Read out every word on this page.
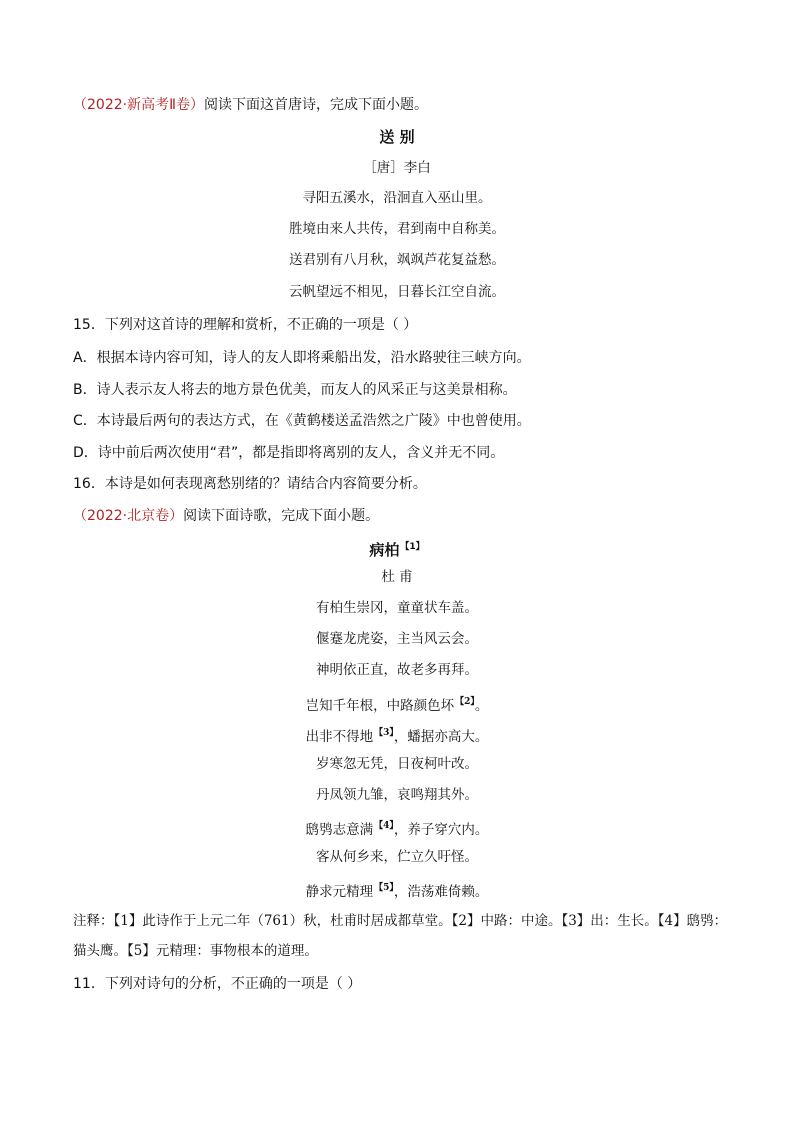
（2022·新高考Ⅱ卷）阅读下面这首唐诗，完成下面小题。
送 别
［唐］李白
寻阳五溪水，沿洄直入巫山里。
胜境由来人共传，君到南中自称美。
送君别有八月秋，飒飒芦花复益愁。
云帆望远不相见，日暮长江空自流。
15．下列对这首诗的理解和赏析，不正确的一项是（ ）
A．根据本诗内容可知，诗人的友人即将乘船出发，沿水路驶往三峡方向。
B．诗人表示友人将去的地方景色优美，而友人的风采正与这美景相称。
C．本诗最后两句的表达方式，在《黄鹤楼送孟浩然之广陵》中也曾使用。
D．诗中前后两次使用“君”，都是指即将离别的友人，含义并无不同。
16．本诗是如何表现离愁别绪的？请结合内容简要分析。
（2022·北京卷）阅读下面诗歌，完成下面小题。
病柏$^{【1】}$
杜 甫
有柏生崇冈，童童状车盖。
偃蹇龙虎姿，主当风云会。
神明依正直，故老多再拜。
岂知千年根，中路颜色坏$^{【2】}$。
出非不得地$^{【3】}$，蟠据亦高大。
岁寒忽无凭，日夜柯叶改。
丹凤领九雏，哀鸣翔其外。
鸱鸮志意满$^{【4】}$，养子穿穴内。
客从何乡来，伫立久吁怪。
静求元精理$^{【5】}$，浩荡难倚赖。
注释：【1】此诗作于上元二年（761）秋，杜甫时居成都草堂。【2】中路：中途。【3】出：生长。【4】鸱鸮：猫头鹰。【5】元精理：事物根本的道理。
11．下列对诗句的分析，不正确的一项是（ ）
